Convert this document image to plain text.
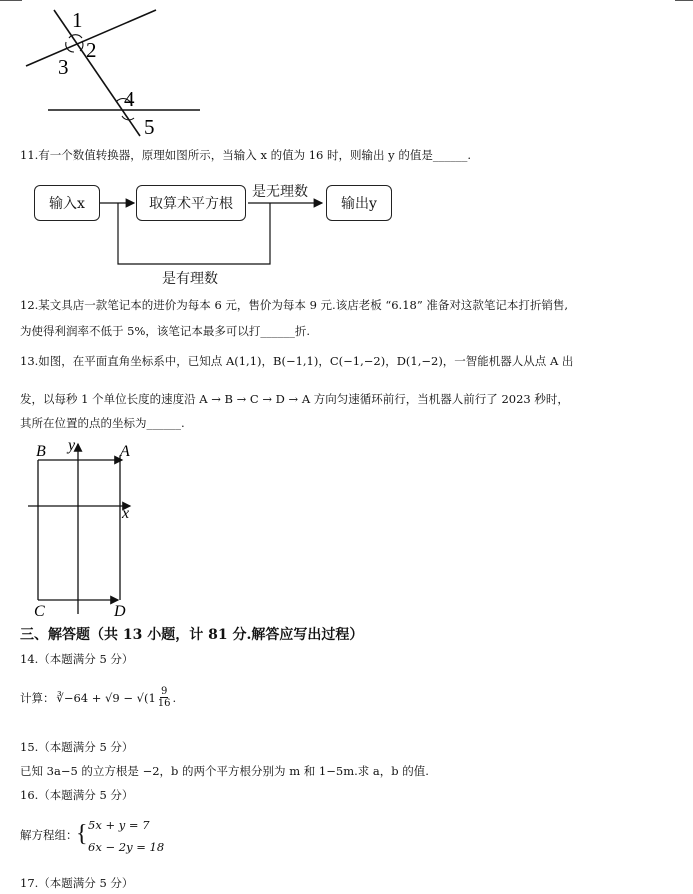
1
2
3
4
5
11.有一个数值转换器，原理如图所示，当输入 x 的值为 16 时，则输出 y 的值是______.
输入x	取算术平方根
是无理数
输出y
是有理数
12.某文具店一款笔记本的进价为每本 6 元，售价为每本 9 元.该店老板 “6.18” 准备对这款笔记本打折销售,
为使得利润率不低于 5%，该笔记本最多可以打______折.
13.如图，在平面直角坐标系中，已知点 A(1,1)，B(−1,1)，C(−1,−2)，D(1,−2)，一智能机器人从点 A 出
发，以每秒 1 个单位长度的速度沿 A → B → C → D → A 方向匀速循环前行，当机器人前行了 2023 秒时，
其所在位置的点的坐标为______.
B y	A
x
C	D
三、解答题（共 13 小题，计 81 分.解答应写出过程）
14.（本题满分 5 分）
计算： ∛−64 + $√9 - √(1 \frac{9}{16}$ .
15.（本题满分 5 分）
已知 3a−5 的立方根是 −2，b 的两个平方根分别为 m 和 1−5m.求 a，b 的值.
16.（本题满分 5 分）
解方程组：
{ 5x + y = 7
6x − 2y = 18
17.（本题满分 5 分）
